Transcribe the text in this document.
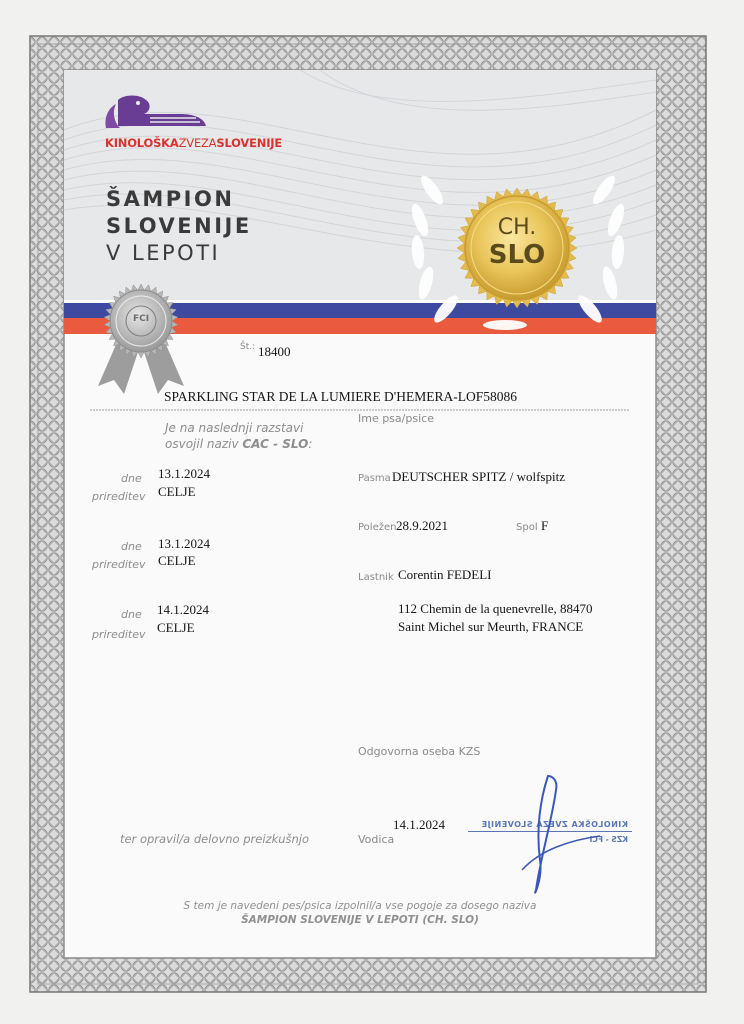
KINOLOŠKAZVEZASLOVENIJE
ŠAMPION
SLOVENIJE
V LEPOTI
CH.
SLO
FCI
Št.: 18400
SPARKLING STAR DE LA LUMIERE D'HEMERA-LOF58086
Ime psa/psice
Je na naslednji razstavi
osvojil naziv CAC - SLO:
dne 13.1.2024
prireditev CELJE
dne 13.1.2024
prireditev CELJE
dne 14.1.2024
prireditev CELJE
Pasma DEUTSCHER SPITZ / wolfspitz
Poležen 28.9.2021	Spol F
Lastnik Corentin FEDELI
112 Chemin de la quenevrelle, 88470
Saint Michel sur Meurth, FRANCE
Odgovorna oseba KZS
ter opravil/a delovno preizkušnjo	Vodica
14.1.2024	KINOLOŠKA ZVEZA SLOVENIJE
KZS - FCI
S tem je navedeni pes/psica izpolnil/a vse pogoje za dosego naziva
ŠAMPION SLOVENIJE V LEPOTI (CH. SLO)
